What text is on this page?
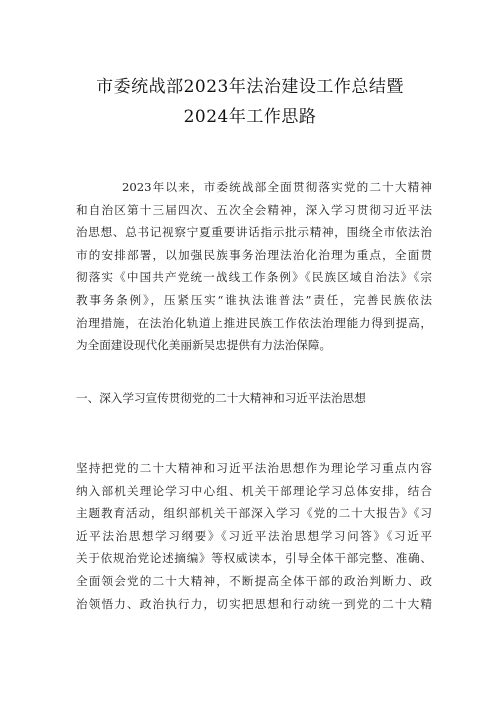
市委统战部2023年法治建设工作总结暨
2024年工作思路
2023年以来，市委统战部全面贯彻落实党的二十大精神
和自治区第十三届四次、五次全会精神，深入学习贯彻习近平法
治思想、总书记视察宁夏重要讲话指示批示精神，围绕全市依法治
市的安排部署，以加强民族事务治理法治化治理为重点，全面贯
彻落实《中国共产党统一战线工作条例》《民族区域自治法》《宗
教事务条例》，压紧压实“谁执法谁普法”责任，完善民族依法
治理措施，在法治化轨道上推进民族工作依法治理能力得到提高，
为全面建设现代化美丽新吴忠提供有力法治保障。
一、深入学习宣传贯彻党的二十大精神和习近平法治思想
坚持把党的二十大精神和习近平法治思想作为理论学习重点内容
纳入部机关理论学习中心组、机关干部理论学习总体安排，结合
主题教育活动，组织部机关干部深入学习《党的二十大报告》《习
近平法治思想学习纲要》《习近平法治思想学习问答》《习近平
关于依规治党论述摘编》等权威读本，引导全体干部完整、准确、
全面领会党的二十大精神，不断提高全体干部的政治判断力、政
治领悟力、政治执行力，切实把思想和行动统一到党的二十大精
